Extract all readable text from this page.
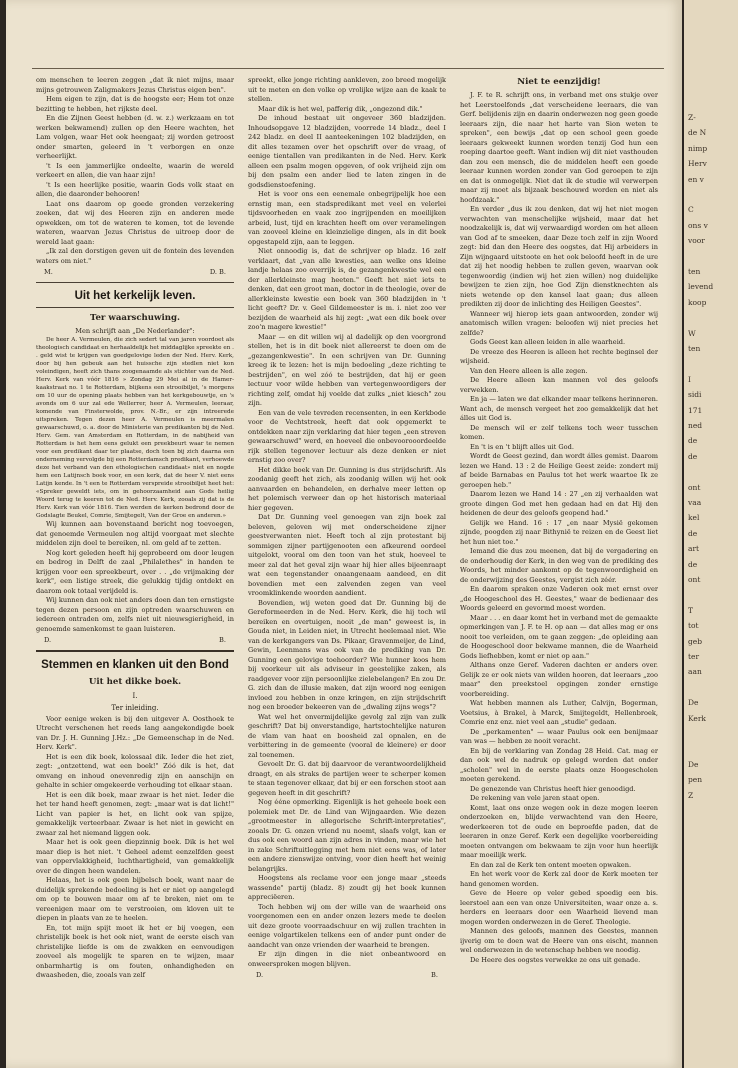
om menschen te leeren zeggen „dat ik niet mijns, maar mijns getrouwen Zaligmakers Jezus Christus eigen ben".

Hem eigen te zijn, dat is de hoogste eer; Hem tot onze bezitting te hebben, het rijkste deel.

En die Zijnen Geest hebben (d. w. z.) werkzaam en tot werken bekwamend) zullen op den Heere wachten, het Lam volgen, waar Het ook heengaat; zij worden getroost onder smarten, geleerd in 't verborgen en onze verheerlijkt.

't Is een jammerlijke ondeelte, waarin de wereld verkeert en allen, die van haar zijn!

't Is een heerlijke positie, waarin Gods volk staat en allen, die daaronder behooren!

Laat ons daarom op goede gronden verzekering zoeken, dat wij des Heeren zijn en anderen mede opwekken, om tot de wateren te komen, tot de levende wateren, waarvan Jezus Christus de uitroep door de wereld laat gaan:

„Ik zal den dorstigen geven uit de fontein des levenden waters om niet."

M.	D. B.
Uit het kerkelijk leven.
Ter waarschuwing.

Men schrijft aan „De Nederlander":

De heer A. Vermeulen, die zich sedert tal van jaren voordoet als theologisch candidaat en herhaaldelijk het middaglijke spreekte en . . geld wist te krijgen van goedgelovige leden der Ned. Herv. Kerk, door bij hen gebeuk aan het huissche zijn stedlen niet kon voleindigen, heeft zich thans zoogenaamde als stichter van de Ned. Herv. Kerk van vóór 1816 » Zondag 29 Mei al in de Hamer-kaakstraat no. 1 te Rotterdam, blijkens een strooibiljet, 's morgens om 10 uur de opening plaats hebben van het kerkgebouwtje, en 's avonds om 6 uur zal ede Wellerrer, heer A. Vermeulen, leeraar, komende van Finsterwolde, prov. N.-Br., er zijn intreerede uitspreken. Tegen dezen heer A. Vermeulen is meermalen gewaarschuwd, o. a. door de Ministerie van predikanten bij de Ned. Herv. Gem. van Amsterdam en Rotterdam, in de nabijheid van Rotterdam is het hem eens gelukt een preekbeurt waar te nemen voor een predikant daar ter plaatse, doch toen bij zich daarna een onderneming vervolgde bij een Rotterdamsch predikant, verhoewde deze het verband van den ethologischen candidaat» niet en nogde hem een Latijnsch boek voor, en een kerk, dat de heer V. niet eens Latijn kende. In 't een te Rotterdam verspreide strooibiljet heet het: «Spreker geweldt iets, om in gehoorzaamheid aan Gods heilig Woord terug te keeren tot de Ned. Herv. Kerk, zooals zij dat is de Herv. Kerk van vóór 1816. Tien werden de kerken bedrond door de Godslagte Beukel, Comrie, Smijtegelt, Van der Groe en anderen.»

Wij kunnen aan bovenstaand bericht nog toevoegen, dat genoemde Vermeulen nog altijd voorgaat met slechte middelen zijn doel te bereiken, nl. om geld af te zetten.

Nog kort geleden heeft hij geprobeerd om door leugen en bedrog in Delft de zaal „Philalethes" in handen te krijgen voor een spreekbeurt, over . . „de vrijmaking der kerk", een listige streek, die gelukkig tijdig ontdekt en daarom ook totaal verijdeld is.

Wij kunnen dan ook niet anders doen dan ten ernstigste tegen dezen persoon en zijn optreden waarschuwen en iedereen ontraden om, zelfs niet uit nieuwsgierigheid, in genoemde samenkomst te gaan luisteren.

D.	B.
Stemmen en klanken uit den Bond
Uit het dikke boek.
I.
Ter inleiding.

Voor eenige weken is bij den uitgever A. Oosthoek te Utrecht verschenen het reeds lang aangekondigde boek van Dr. J. H. Gunning J.Hz.: „De Gemeenschap in de Ned. Herv. Kerk".

Het is een dik boek, kolossaal dik. Ieder die het ziet, zegt: „ontzettend, wat een boek!" Zóó dik is het, dat omvang en inhoud onevenredig zijn en aanschijn en gehalte in schier omgekeerde verhouding tot elkaar staan.

Het is een dik boek, maar zwaar is het niet. Ieder die het ter hand heeft genomen, zegt: „maar wat is dat licht!" Licht van papier is het, en licht ook van spijze, gemakkelijk verteerbaar. Zwaar is het niet in gewicht en zwaar zal het niemand liggen ook.

Maar het is ook geen diepzinnig boek. Dik is het wel maar diep is het niet. 't Geheel ademt eenzelfden geest van oppervlakkigheid, luchthartigheid, van gemakkelijk over de dingen heen wandelen.

Helaas, het is ook geen bijbelsch boek, want naar de duidelijk sprekende bedoeling is het er niet op aangelegd om op te bouwen maar om af te breken, niet om te vereenigen maar om te verstrooien, om kloven uit te diepen in plaats van ze te heelen.

En, tot mijn spijt moet ik het er bij voegen, een christelijk boek is het ook niet, want de eerste eisch van christelijke liefde is om de zwakken en eenvoudigen zooveel als mogelijk te sparen en te wijzen, maar onbarmhartig is om fouten, onhandigheden en dwaasheden, die, zooals van zelf

spreekt, elke jonge richting aankleven, zoo breed mogelijk uit te meten en den volke op vrolijke wijze aan de kaak te stellen.

Maar dik is het wel, pafferig dik, „ongezond dik."

De inhoud bestaat uit ongeveer 360 bladzijden. Inhoudsopgave 12 bladzijden, voorrede 14 bladz., deel I 242 bladz. en deel II aanteekeningen 102 bladzijden, en dit alles tezamen over het opschrift over de vraag, of eenige tientallen van predikanten in de Ned. Herv. Kerk alleen een psalm mogen opgeven, of ook vrijheid zijn om bij den psalm een ander lied te laten zingen in de godsdienstoefening.

Het is voor ons een eenemale onbegrijpelijk hoe een ernstig man, een stadspredikant met veel en velerlei tijdsvoorheden en vaak zoo ingrijpenden en moeilijken arbeid, lust, tijd en krachten heeft om over veramelingen van zooveel kleine en kleinzielige dingen, als in dit boek opgestapeld zijn, aan te leggen.

Niet onnoodig is, dat de schrijver op bladz. 16 zelf verklaart, dat „van alle kwesties, aan welke ons kleine landje helaas zoo overrijk is, de gezangenkwestie wel een der allerkleinste mag heeten." Geeft het niet iets te denken, dat een groot man, doctor in de theologie, over de allerkleinste kwestie een boek van 360 bladzijden in 't licht geeft? Dr. v. Geel Gildemeester is m. i. niet zoo ver bezijden de waarheid als hij zegt: „wat een dik boek over zoo'n magere kwestie!"

Maar — en dit willen wij al dadelijk op den voorgrond stellen, het is in dit boek niet allereerst te doen om de „gezangenkwestie". In een schrijven van Dr. Gunning kreeg ik te lezen: het is mijn bedoeling „deze richting te bestrijden", en wel zóó te bestrijden, dat hij er geen lectuur voor wilde hebben van vertegenwoordigers der richting zelf, omdat hij voelde dat zulks „niet kiesch" zou zijn.

Een van de vele tevreden recensenten, in een Kerkbode voor de Vechtstreek, heeft dat ook opgemerkt te ontdekken naar zijn verklaring dat hier tegen „een streven gewaarschuwd" werd, en hoeveel die onbevoorooordeelde rijk stellen tegenover lectuur als deze denken er niet ernstig zoo over?

Het dikke boek van Dr. Gunning is dus strijdschrift. Als zoodanig geeft het zich, als zoodanig willen wij het ook aanvaarden en behandelen, en derhalve meer letten op het polemisch verweer dan op het historisch materiaal hier gegeven.

Dat Dr. Gunning veel genoegen van zijn boek zal beleven, geloven wij met onderscheidene zijner geestverwanten niet. Heeft toch al zijn protestant bij sommigen zijner partijgenooten een afkeurend oordeel uitgelokt, vooral om den toon van het stuk, hoeveel te meer zal dat het geval zijn waar hij hier alles bijeenraapt wat een tegenstander onaangenaam aandeed, en dit bovendien met een zalvenden zegen van veel vroomklinkende woorden aandient.

Bovendien, wij weten goed dat Dr. Gunning bij de Gereformeerden in de Ned. Herv. Kerk, die hij toch wil bereiken en overtuigen, nooit „de man" geweest is, in Gouda niet, in Leiden niet, in Utrecht heelemaal niet. Wie van de kerkgangers van Ds. Pikaar, Gravenmeijer, de Lind, Gewin, Leenmans was ook van de prediking van Dr. Gunning een gelovige toehoorder? Wie hunner koos hem bij voorkeur uit als adviseur in geestelijke zaken, als raadgever voor zijn persoonlijke zielebelangen? En zou Dr. G. zich dan de illusie maken, dat zijn woord nog eenigen invloed zou hebben in onze kringen, en zijn strijdschrift nog een broeder bekeeren van de „dwaling zijns wegs"?

Wat wel het onvermijdelijke gevolg zal zijn van zulk geschrift? Dat bij onverstandige, hartstochtelijke naturen de vlam van haat en boosheid zal opnalen, en de verbittering in de gemeente (vooral de kleinere) er door zal toenemen.

Gevoelt Dr. G. dat bij daarvoor de verantwoordelijkheid draagt, en als straks de partijen weer te scherper komen te staan tegenover elkaar, dat bij er een forschen stoot aan gegeven heeft in dit geschrift?

Nog ééne opmerking. Eigenlijk is het geheele boek een polemiek met Dr. de Lind van Wijngaarden. Wie dezen „grootmeester in allegorische Schrift-interpretaties", zooals Dr. G. onzen vriend nu noemt, slaafs volgt, kan er dus ook een woord aan zijn adres in vinden, maar wie het in zake Schriftuitlegging met hem niet eens was, of later een andere zienswijze ontving, voor dien heeft het weinig belangrijks.

Hoogstens als reclame voor een jonge maar „steeds wassende" partij (bladz. 8) zoudt gij het boek kunnen appreciëeren.

Toch hebben wij om der wille van de waarheid ons voorgenomen een en ander onzen lezers mede te deelen uit deze groote voorraadschuur en wij zullen trachten in eenige volgartikelen telkens een of ander punt onder de aandacht van onze vrienden der waarheid te brengen.

Er zijn dingen in die niet onbeantwoord en onweersproken mogen blijven.

D.	B.
Niet te eenzijdig!

J. F. te R. schrijft ons, in verband met ons stukje over het Leerstoelfonds „dat verscheidene leeraars, die van Gerf. belijdenis zijn en daarin onderwezen nog geen goede leeraars zijn, die naar het harte van Sion weten te spreken", een bewijs „dat op een school geen goede leeraars gekweekt kunnen worden tenzij God hun een roeping daartoe geeft. Want indien wij dit niet vasthouden dan zou een mensch, die de middelen heeft een goede leeraar kunnen worden zonder van God geroepen te zijn en dat is onmogelijk. Niet dat ik de studie wil verwerpen maar zij moet als bijzaak beschouwd worden en niet als hoofdzaak."

En verder „dus ik zou denken, dat wij het niet mogen verwachten van menschelijke wijsheid, maar dat het noodzakelijk is, dat wij verwaardigd worden om het alleen van God af te smeeken, daar Deze toch zelf in zijn Woord zegt: bid dan den Heere des oogstes, dat Hij arbeiders in Zijn wijngaard uitstoote en het ook beloofd heeft in de ure dat zij het noodig hebben te zullen geven, waarvan ook tegenwoordig (indien wij het zien willen) nog duidelijke bewijzen te zien zijn, hoe God Zijn dienstknechten als niets wetende op den kansel laat gaan; dus alleen predikten zij door de inlichting des Heiligen Geestes".

Wanneer wij hierop iets gaan antwoorden, zonder wij anatomisch willen vragen: beloofen wij niet precies het zelfde?

Gods Geest kan alleen leiden in alle waarheid.

De vreeze des Heeren is alleen het rechte beginsel der wijsheid.

Van den Heere alleen is alle zegen.

De Heere alleen kan mannen vol des geloofs verwekken.

En ja — laten we dat elkander maar telkens herinneren. Want ach, de mensch vergeet het zoo gemakkelijk dat het álles uit God is.

De mensch wil er zelf telkens toch weer tusschen komen.

En 't is en 't blijft alles uit God.

Wordt de Geest gezind, dan wordt álles gemist. Daarom lezen we Hand. 13 : 2 de Heilige Geest zeide: zondert mij af beide Barnabas en Paulus tot het werk waartoe Ik ze geroepen heb."

Daarom lezen we Hand 14 : 27 „en zij verhaalden wat groote dingen God met hen gedaan had en dat Hij den heidenen de deur des geloofs geopend had."

Gelijk we Hand. 16 : 17 „en naar Mysië gekomen zijnde, poogden zij naar Bithynië te reizen en de Geest liet het hun niet toe."

Iemand die dus zou meenen, dat bij de vergadering en de onderhoudig der Kerk, in den weg van de prediking des Woords, het minder aankomt op de tegenwoordigheid en de onderwijzing des Geestes, vergist zich zéér.

En daarom spraken onze Vaderen ook met ernst over „de Hoogeschool des H. Geestes," waar de bedienaar des Woords geleerd en gevormd moest worden.

Maar . . . en daar komt het in verband met de gemaakte opmerkingen van J. F. te H. op aan — dat alles mag er ons nooit toe verleiden, om te gaan zeggen: „de opleiding aan de Hoogeschool door bekwame mannen, die de Waarheid Gods liefhebben, komt er niet op aan."

Althans onze Geref. Vaderen dachten er anders over. Gelijk ze er ook niets van wilden hooren, dat leeraars „zoo maar" den preekstoel opgingen zonder ernstige voorbereiding.

Wat hebben mannen als Luther, Calvijn, Bogerman, Voetsius, à Brakel, à Marck, Smijtegeldt, Hellenbroek, Comrie enz enz. niet veel aan „studie" gedaan.

De „perkamenten" — waar Paulus ook een benijmaar van was — hebben ze nooit veracht.

En bij de verklaring van Zondag 28 Heid. Cat. mag er dan ook wel de nadruk op gelegd worden dat onder „scholen" wel in de eerste plaats onze Hoogescholen moeten gerekend.

De genezende van Christus heeft hier genoodigd.

De rekening van vele jaren staat open.

Komt, laat ons onze wegen ook in deze mogen leeren onderzoeken en, blijde verwachtend van den Heere, wederkeeren tot de oude en beproefde paden, dat de leeraren in onze Geref. Kerk een degelijke voorbereiding moeten ontvangen om bekwaam te zijn voor hun heerlijk maar moeilijk werk.

En dan zal de Kerk ten ontent moeten opwaken.

En het werk voor de Kerk zal door de Kerk moeten ter hand genomen worden.

Geve de Heere op veler gebed spoedig een bis. leerstoel aan een van onze Universiteiten, waar onze a. s. herders en leeraars door een Waarheid lievend man mogen worden onderwezen in de Geref. Theologie.

Mannen des geloofs, mannen des Geestes, mannen ijverig om te doen wat de Heere van ons eischt, mannen wel onderwezen in de wetenschap hebben we noodig.

De Heere des oogstes verwekke ze ons uit genade.

Z-
de N
nimp
Herv
en v
C
ons v
voor
ten
levend
koop
W
ten
I
sidi
171
ned
de
de
ont
vaa
kel
de
art
de
ont
T
tot
geb
ter
aan
De
Kerk
De
pen
Z
